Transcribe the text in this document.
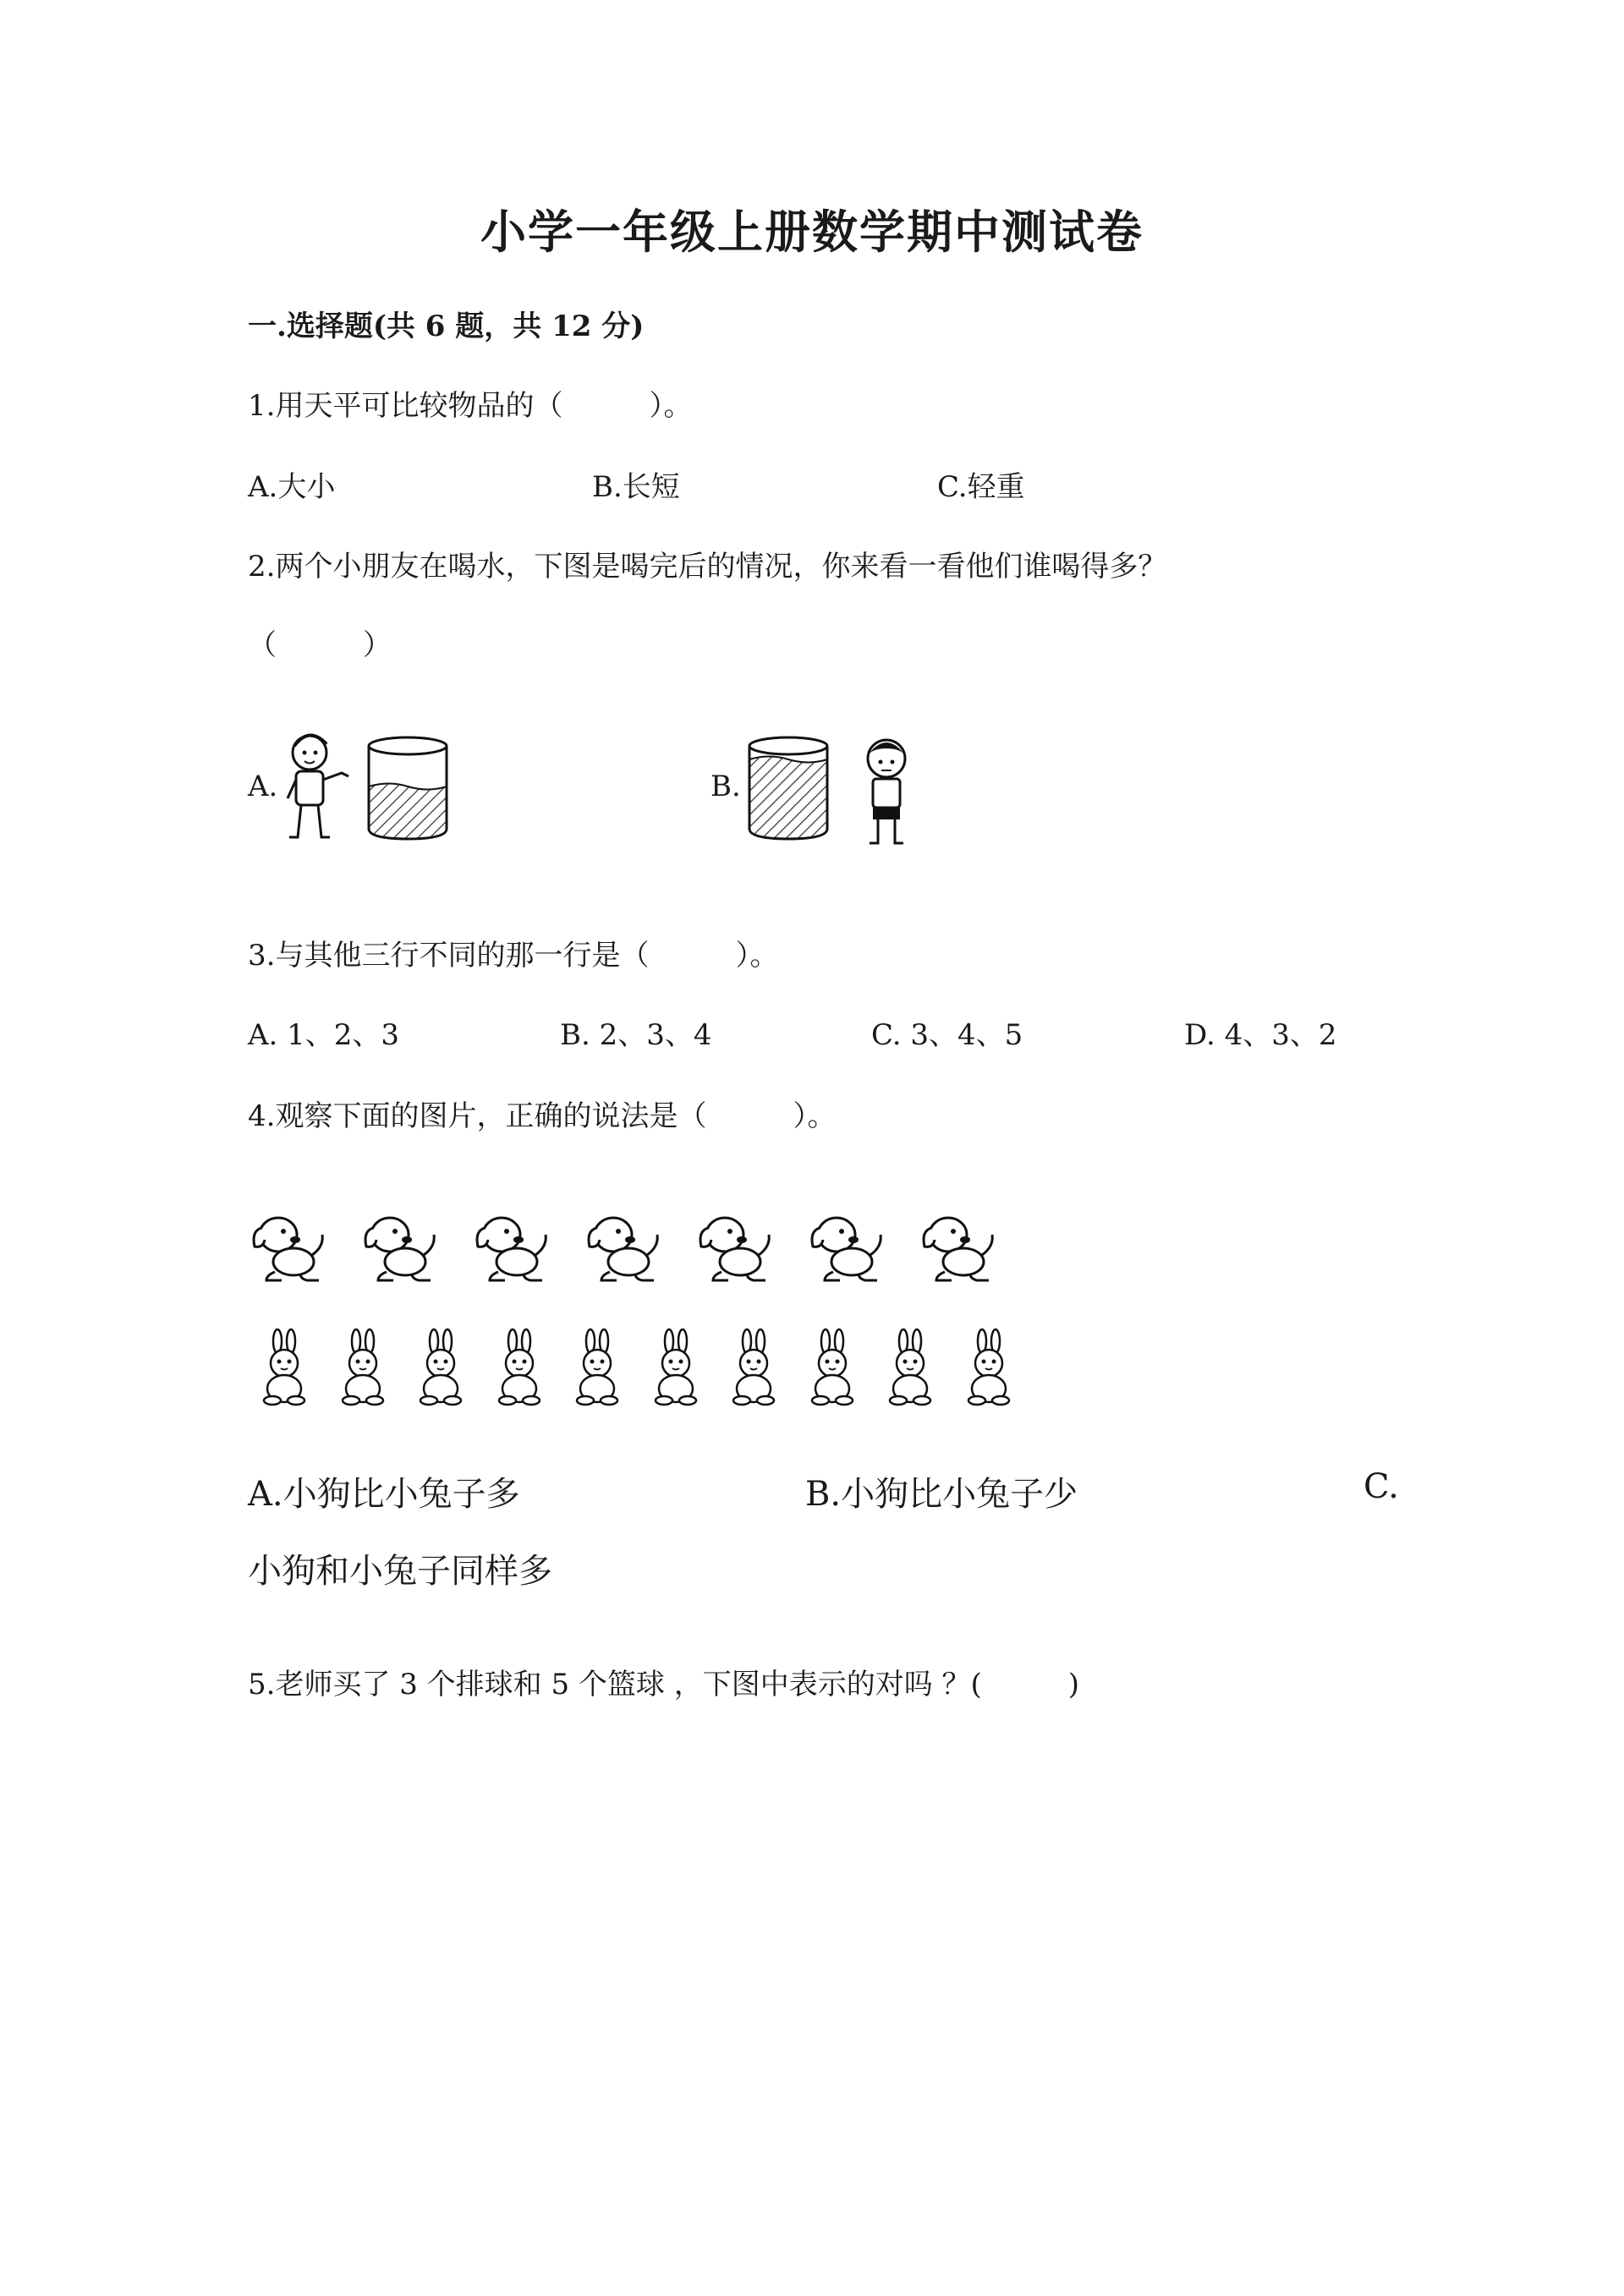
小学一年级上册数学期中测试卷
一.选择题(共 6 题，共 12 分)
1.用天平可比较物品的（　　　）。
A.大小	B.长短	C.轻重
2.两个小朋友在喝水，下图是喝完后的情况，你来看一看他们谁喝得多？
（　　　）
A.	B.
3.与其他三行不同的那一行是（　　　）。
A. 1、2、3	B. 2、3、4	C. 3、4、5	D. 4、3、2
4.观察下面的图片，正确的说法是（　　　）。
A.小狗比小兔子多	B.小狗比小兔子少	C.
小狗和小兔子同样多
5.老师买了 3 个排球和 5 个篮球 ，下图中表示的对吗 ？(　　　)
